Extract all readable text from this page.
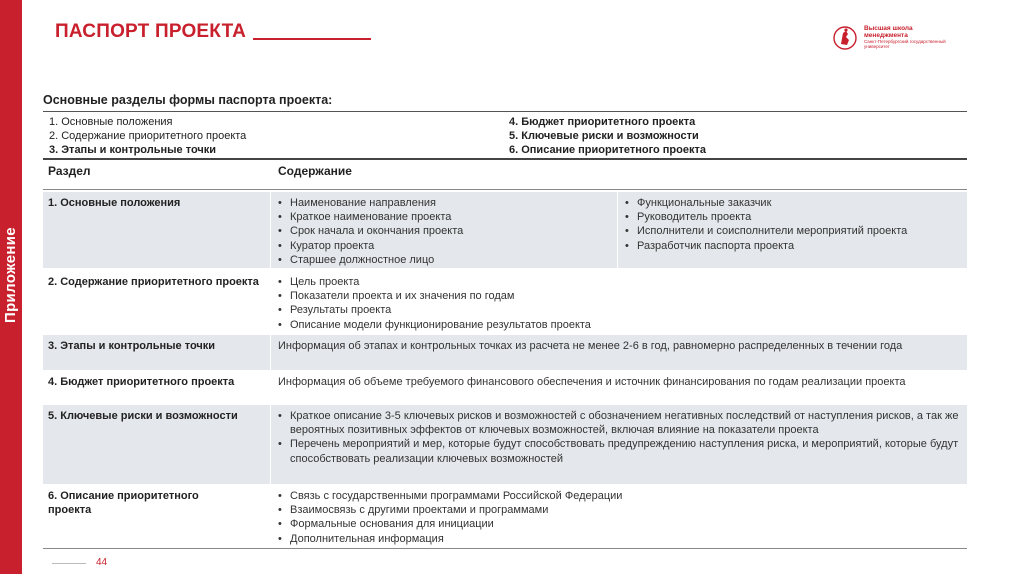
Приложение
ПАСПОРТ ПРОЕКТА	Высшая школа менеджмента
Санкт-Петербургский государственный университет
Основные разделы формы паспорта проекта:
1. Основные положения
2. Содержание приоритетного проекта
3. Этапы и контрольные точки
4. Бюджет приоритетного проекта
5. Ключевые риски и возможности
6. Описание приоритетного проекта
Раздел	Содержание
1. Основные положения	• Наименование направления
• Краткое наименование проекта
• Срок начала и окончания проекта
• Куратор проекта
• Старшее должностное лицо
• Функциональные заказчик
• Руководитель проекта
• Исполнители и соисполнители мероприятий проекта
• Разработчик паспорта проекта
2. Содержание приоритетного проекта	• Цель проекта
• Показатели проекта и их значения по годам
• Результаты проекта
• Описание модели функционирование результатов проекта
3. Этапы и контрольные точки	Информация об этапах и контрольных точках из расчета не менее 2-6 в год, равномерно распределенных в течении года
4. Бюджет приоритетного проекта	Информация об объеме требуемого финансового обеспечения и источник финансирования по годам реализации проекта
5. Ключевые риски и возможности	• Краткое описание 3-5 ключевых рисков и возможностей с обозначением негативных последствий от наступления рисков, а так же вероятных позитивных эффектов от ключевых возможностей, включая влияние на показатели проекта
• Перечень мероприятий и мер, которые будут способствовать предупреждению наступления риска, и мероприятий, которые будут способствовать реализации ключевых возможностей
6. Описание приоритетного проекта
• Связь с государственными программами Российской Федерации
• Взаимосвязь с другими проектами и программами
• Формальные основания для инициации
• Дополнительная информация
44
